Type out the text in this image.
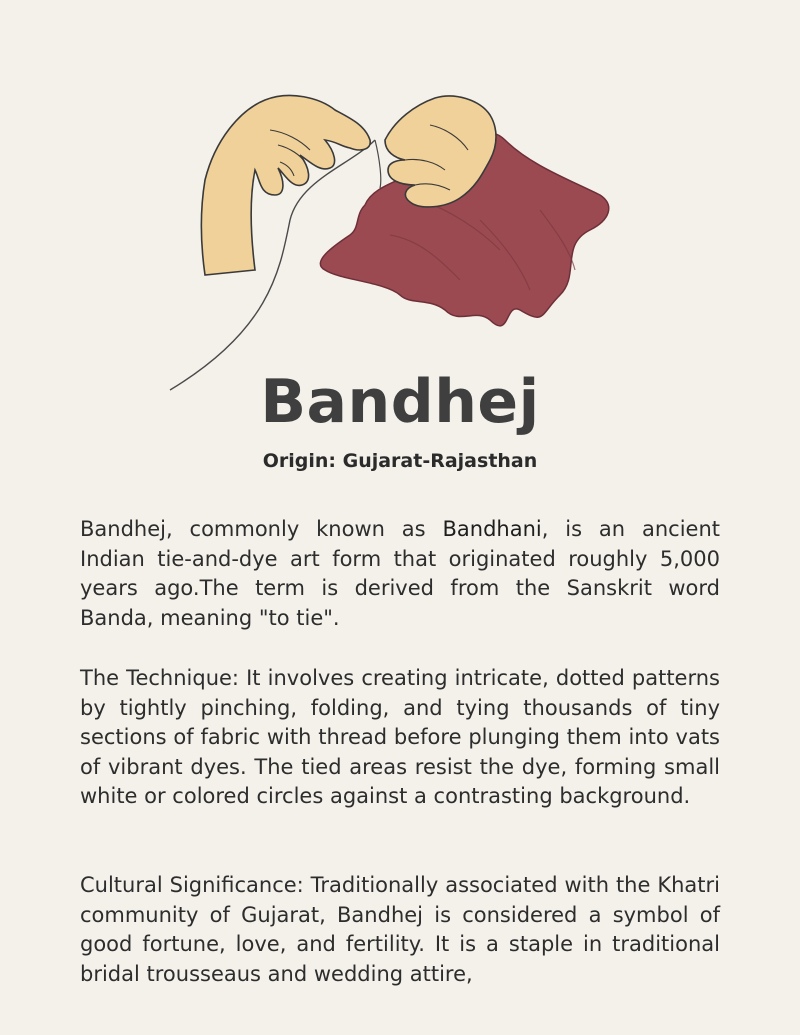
Bandhej
Origin: Gujarat-Rajasthan

Bandhej, commonly known as Bandhani, is an ancient Indian tie-and-dye art form that originated roughly 5,000 years ago.The term is derived from the Sanskrit word Banda, meaning "to tie".

The Technique: It involves creating intricate, dotted patterns by tightly pinching, folding, and tying thousands of tiny sections of fabric with thread before plunging them into vats of vibrant dyes. The tied areas resist the dye, forming small white or colored circles against a contrasting background.

Cultural Significance: Traditionally associated with the Khatri community of Gujarat, Bandhej is considered a symbol of good fortune, love, and fertility. It is a staple in traditional bridal trousseaus and wedding attire,
